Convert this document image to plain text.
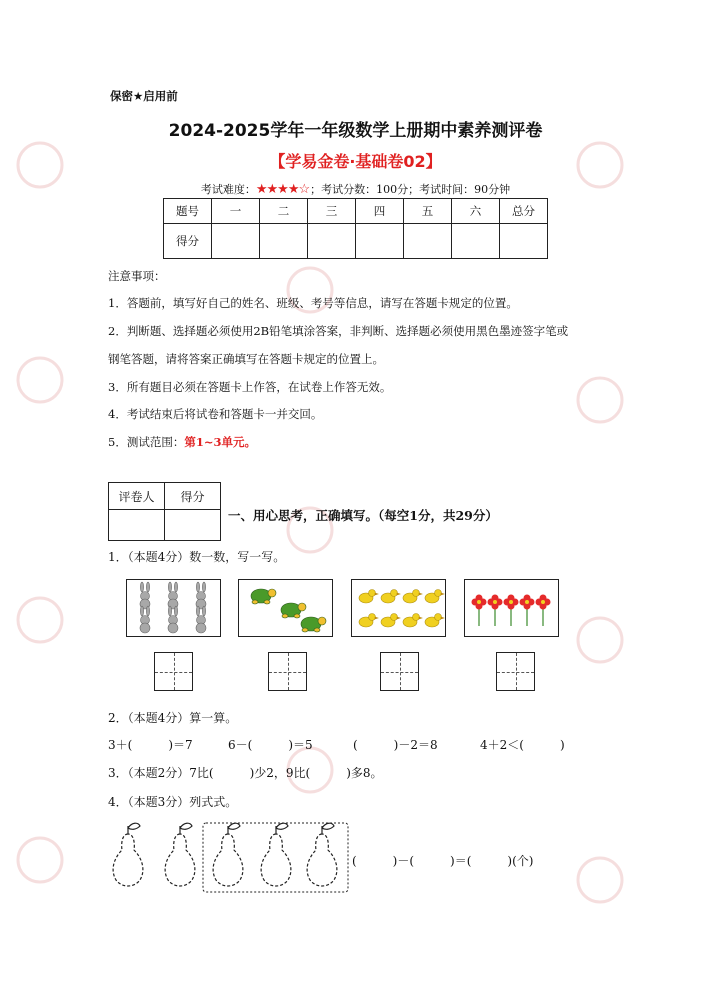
保密★启用前
2024-2025学年一年级数学上册期中素养测评卷
【学易金卷·基础卷02】
考试难度：★★★★☆；考试分数：100分；考试时间：90分钟
题号	一	二	三	四	五	六	总分
得分							
注意事项：
1．答题前，填写好自己的姓名、班级、考号等信息，请写在答题卡规定的位置。
2．判断题、选择题必须使用2B铅笔填涂答案，非判断、选择题必须使用黑色墨迹签字笔或
钢笔答题，请将答案正确填写在答题卡规定的位置上。
3．所有题目必须在答题卡上作答，在试卷上作答无效。
4．考试结束后将试卷和答题卡一并交回。
5．测试范围：第1~3单元。
评卷人	得分

一、用心思考，正确填写。（每空1分，共29分）
1．（本题4分）数一数，写一写。
2．（本题4分）算一算。
3＋(　　　)＝7	6－(　　　)＝5	(　　　)－2＝8	4＋2＜(　　　)
3．（本题2分）7比(　　　)少2，9比(　　　)多8。
4．（本题3分）列式式。
(　　　)－(　　　)＝(　　　)(个)
